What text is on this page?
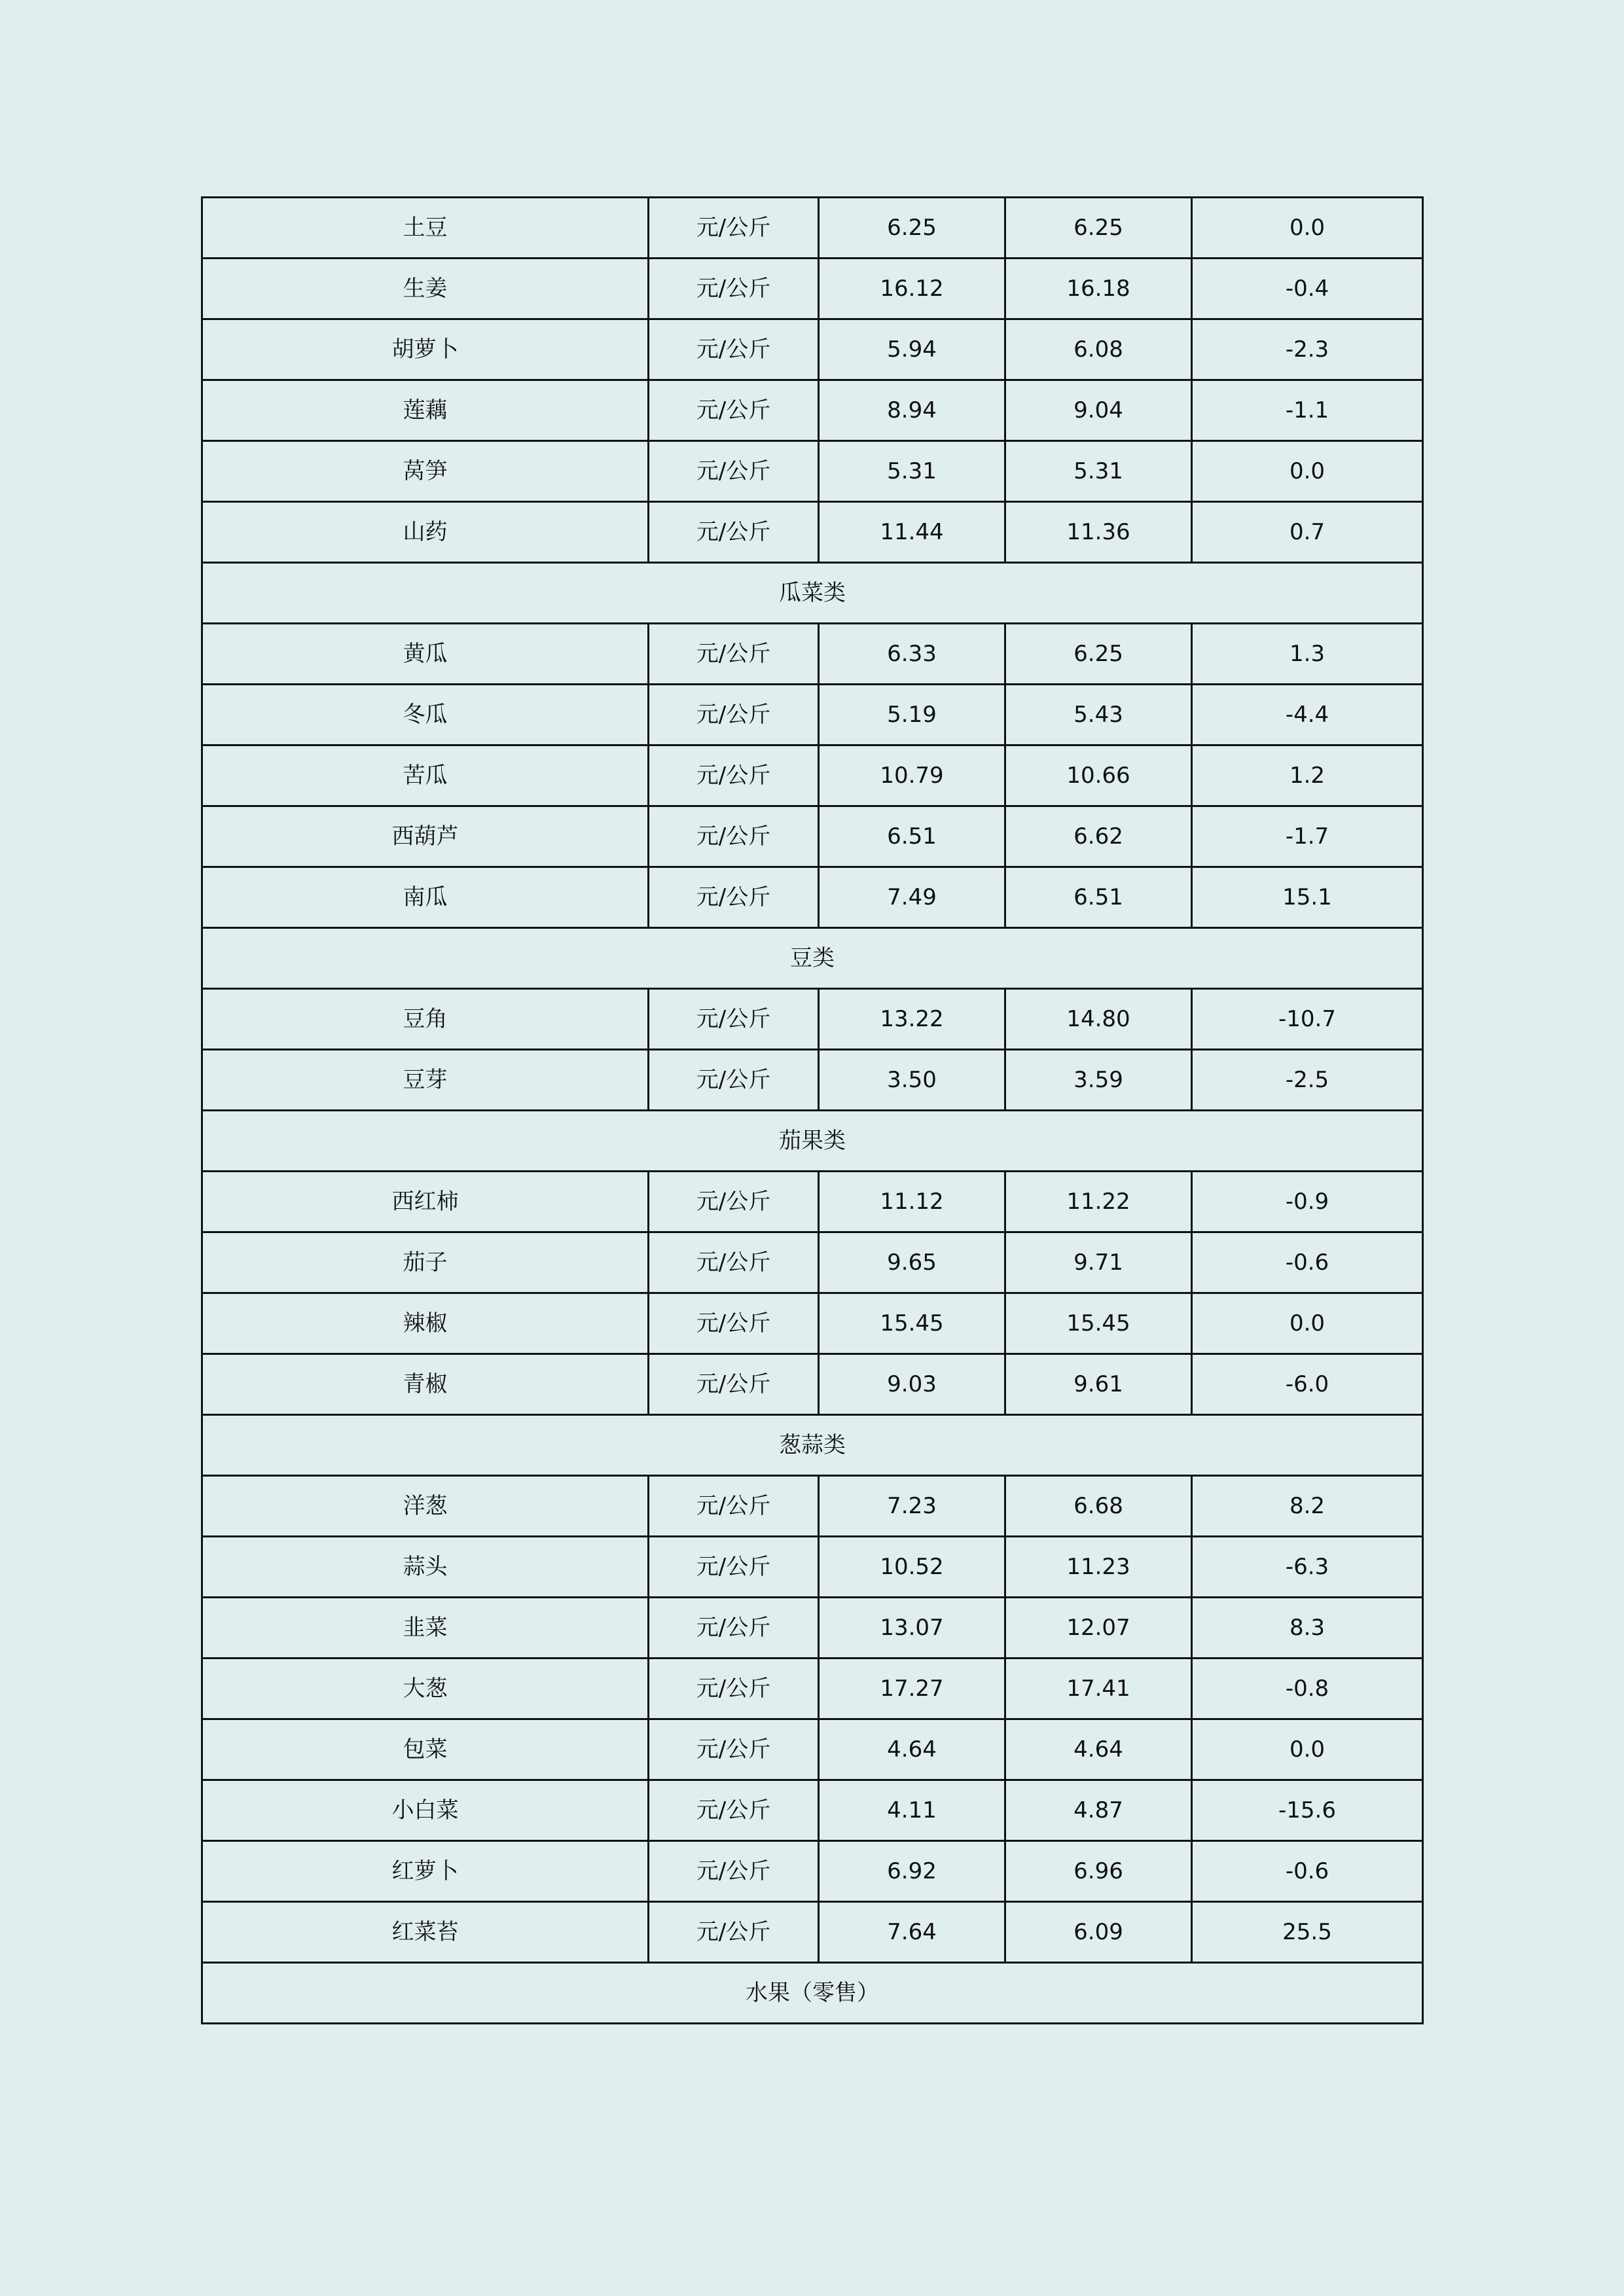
土豆	元/公斤	6.25	6.25	0.0
生姜	元/公斤	16.12	16.18	-0.4
胡萝卜	元/公斤	5.94	6.08	-2.3
莲藕	元/公斤	8.94	9.04	-1.1
莴笋	元/公斤	5.31	5.31	0.0
山药	元/公斤	11.44	11.36	0.7
瓜菜类				
黄瓜	元/公斤	6.33	6.25	1.3
冬瓜	元/公斤	5.19	5.43	-4.4
苦瓜	元/公斤	10.79	10.66	1.2
西葫芦	元/公斤	6.51	6.62	-1.7
南瓜	元/公斤	7.49	6.51	15.1
豆类				
豆角	元/公斤	13.22	14.80	-10.7
豆芽	元/公斤	3.50	3.59	-2.5
茄果类				
西红柿	元/公斤	11.12	11.22	-0.9
茄子	元/公斤	9.65	9.71	-0.6
辣椒	元/公斤	15.45	15.45	0.0
青椒	元/公斤	9.03	9.61	-6.0
葱蒜类				
洋葱	元/公斤	7.23	6.68	8.2
蒜头	元/公斤	10.52	11.23	-6.3
韭菜	元/公斤	13.07	12.07	8.3
大葱	元/公斤	17.27	17.41	-0.8
包菜	元/公斤	4.64	4.64	0.0
小白菜	元/公斤	4.11	4.87	-15.6
红萝卜	元/公斤	6.92	6.96	-0.6
红菜苔	元/公斤	7.64	6.09	25.5
水果（零售）				
